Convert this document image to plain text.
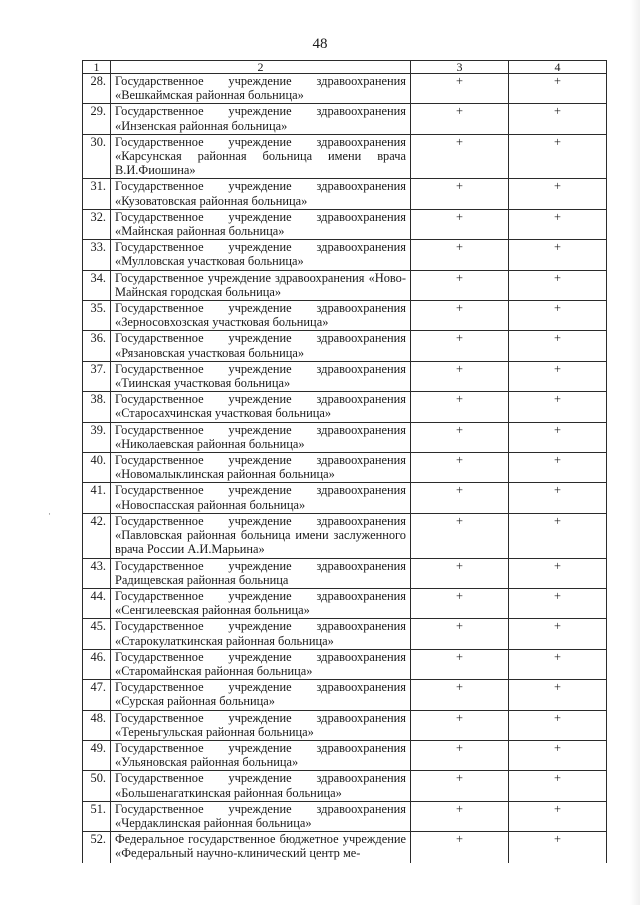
48
1	2	3	4
28.	Государственное учреждение здравоохранения «Вешкаймская районная больница»	+	+
29.	Государственное учреждение здравоохранения «Инзенская районная больница»	+	+
30.	Государственное учреждение здравоохранения «Карсунская районная больница имени врача В.И.Фиошина»	+	+
31.	Государственное учреждение здравоохранения «Кузоватовская районная больница»	+	+
32.	Государственное учреждение здравоохранения «Майнская районная больница»	+	+
33.	Государственное учреждение здравоохранения «Мулловская участковая больница»	+	+
34.	Государственное учреждение здравоохранения «Ново-Майнская городская больница»	+	+
35.	Государственное учреждение здравоохранения «Зерносовхозская участковая больница»	+	+
36.	Государственное учреждение здравоохранения «Рязановская участковая больница»	+	+
37.	Государственное учреждение здравоохранения «Тиинская участковая больница»	+	+
38.	Государственное учреждение здравоохранения «Старосахчинская участковая больница»	+	+
39.	Государственное учреждение здравоохранения «Николаевская районная больница»	+	+
40.	Государственное учреждение здравоохранения «Новомалыклинская районная больница»	+	+
41.	Государственное учреждение здравоохранения «Новоспасская районная больница»	+	+
42.	Государственное учреждение здравоохранения «Павловская районная больница имени заслуженного врача России А.И.Марьина»	+	+
43.	Государственное учреждение здравоохранения Радищевская районная больница	+	+
44.	Государственное учреждение здравоохранения «Сенгилеевская районная больница»	+	+
45.	Государственное учреждение здравоохранения «Старокулаткинская районная больница»	+	+
46.	Государственное учреждение здравоохранения «Старомайнская районная больница»	+	+
47.	Государственное учреждение здравоохранения «Сурская районная больница»	+	+
48.	Государственное учреждение здравоохранения «Тереньгульская районная больница»	+	+
49.	Государственное учреждение здравоохранения «Ульяновская районная больница»	+	+
50.	Государственное учреждение здравоохранения «Большенагаткинская районная больница»	+	+
51.	Государственное учреждение здравоохранения «Чердаклинская районная больница»	+	+
52.	Федеральное государственное бюджетное учреждение «Федеральный научно-клинический центр ме-	+	+
·
